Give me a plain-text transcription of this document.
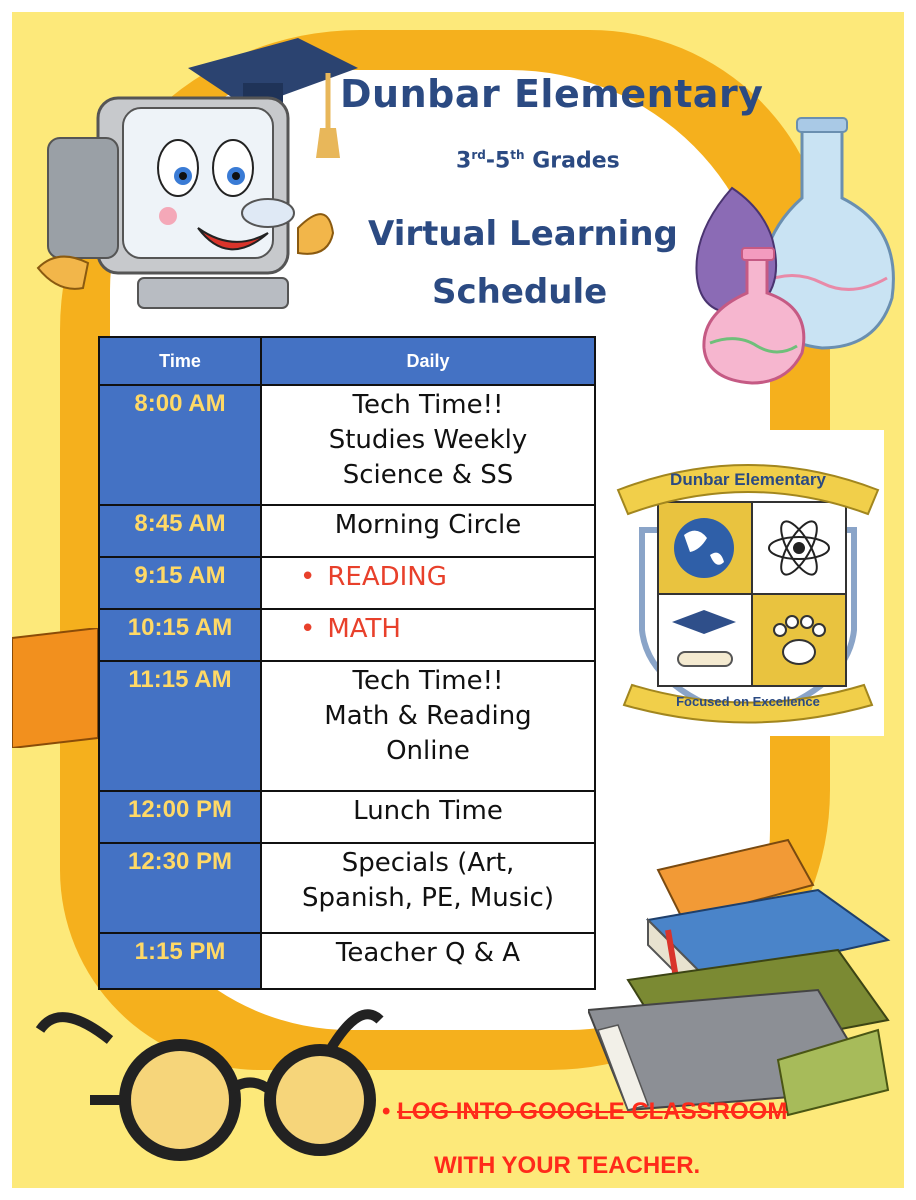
Dunbar Elementary
3rd-5th Grades
Virtual Learning
Schedule
Time	Daily
8:00 AM	Tech Time!!
Studies Weekly
Science & SS

8:45 AM	Morning Circle

9:15 AM	• READING
10:15 AM	• MATH
11:15 AM	Tech Time!!
Math & Reading
Online

12:00 PM	Lunch Time

12:30 PM	Specials (Art,
Spanish, PE, Music)

1:15 PM	Teacher Q & A
Dunbar Elementary
Focused on Excellence
• LOG INTO GOOGLE CLASSROOM
WITH YOUR TEACHER.
